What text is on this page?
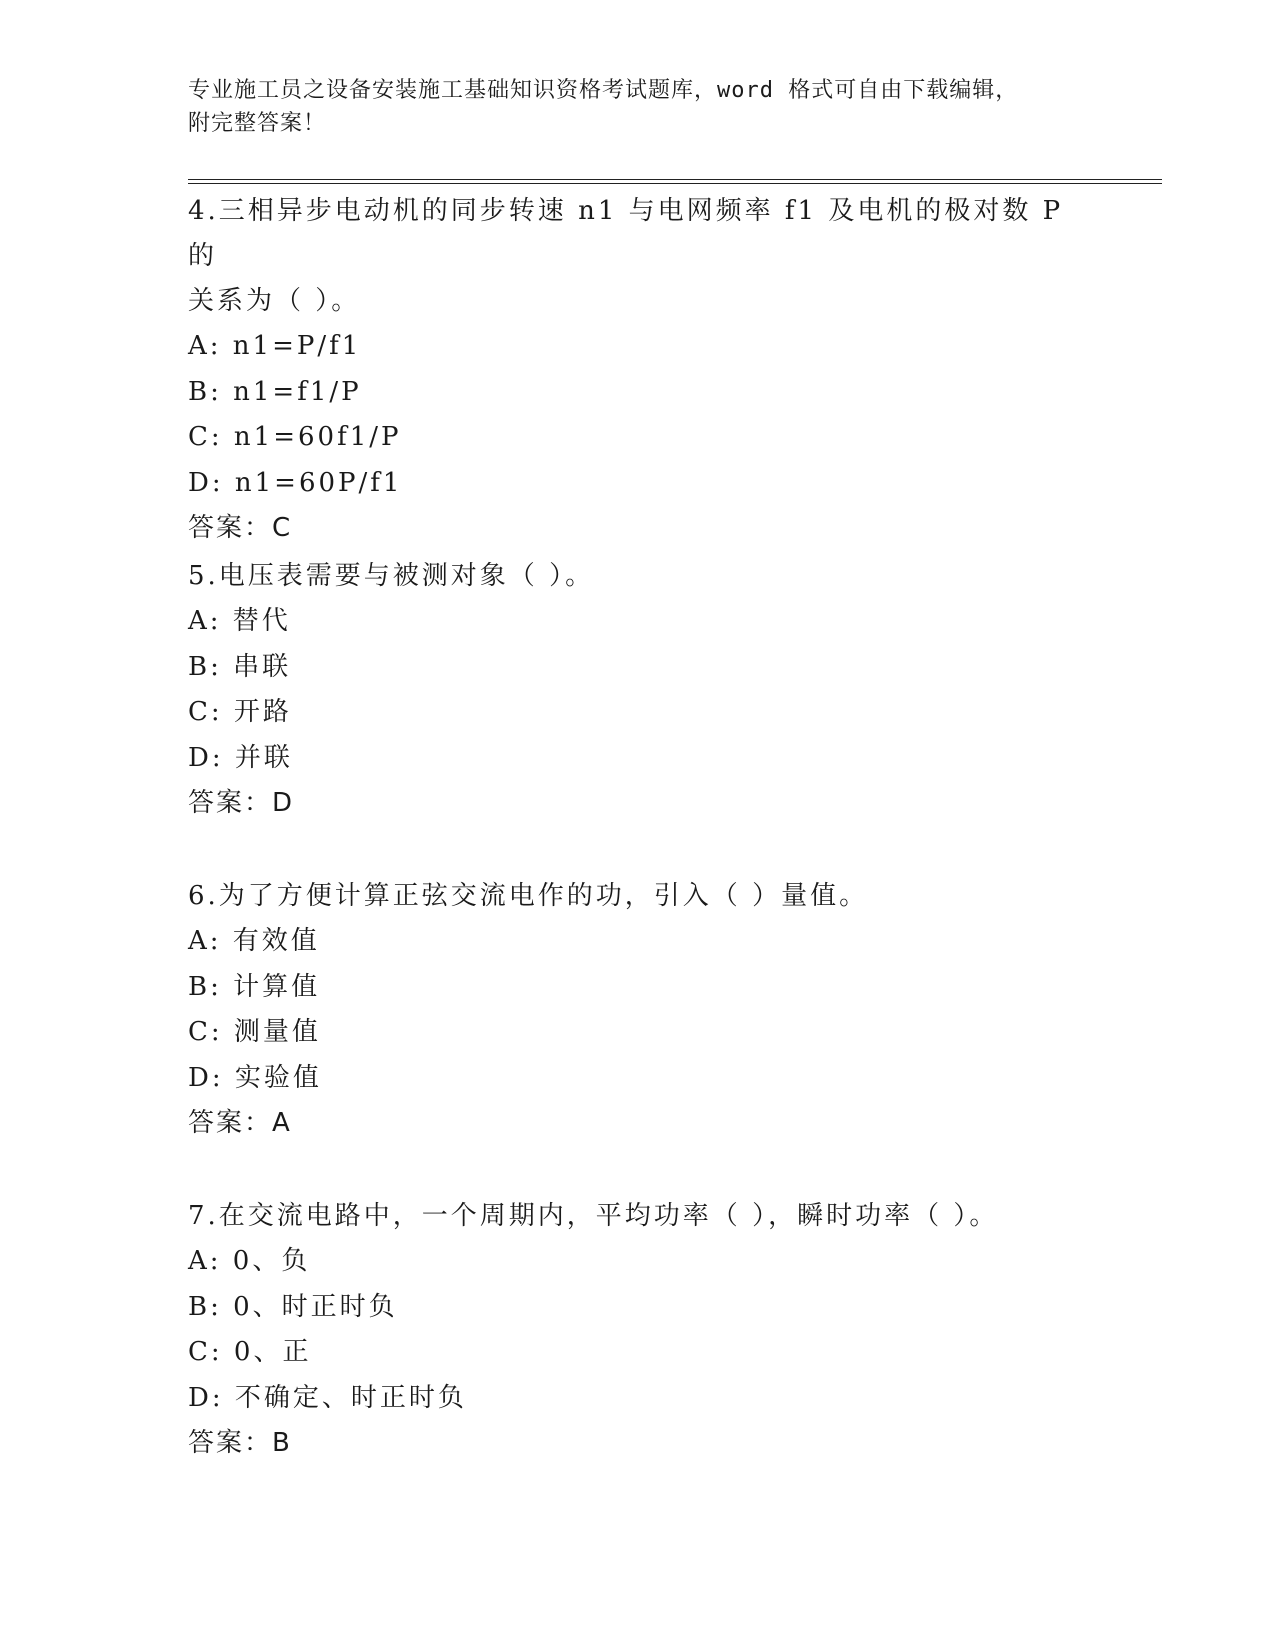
专业施工员之设备安装施工基础知识资格考试题库，word 格式可自由下载编辑，
附完整答案！
4.三相异步电动机的同步转速 n1 与电网频率 f1 及电机的极对数 P 的
关系为（ ）。
A: n1=P/f1
B: n1=f1/P
C: n1=60f1/P
D: n1=60P/f1
答案：C
5.电压表需要与被测对象（ ）。
A: 替代
B: 串联
C: 开路
D: 并联
答案：D
6.为了方便计算正弦交流电作的功，引入（ ）量值。
A: 有效值
B: 计算值
C: 测量值
D: 实验值
答案：A
7.在交流电路中，一个周期内，平均功率（ ），瞬时功率（ ）。
A: 0、负
B: 0、时正时负
C: 0、正
D: 不确定、时正时负
答案：B
